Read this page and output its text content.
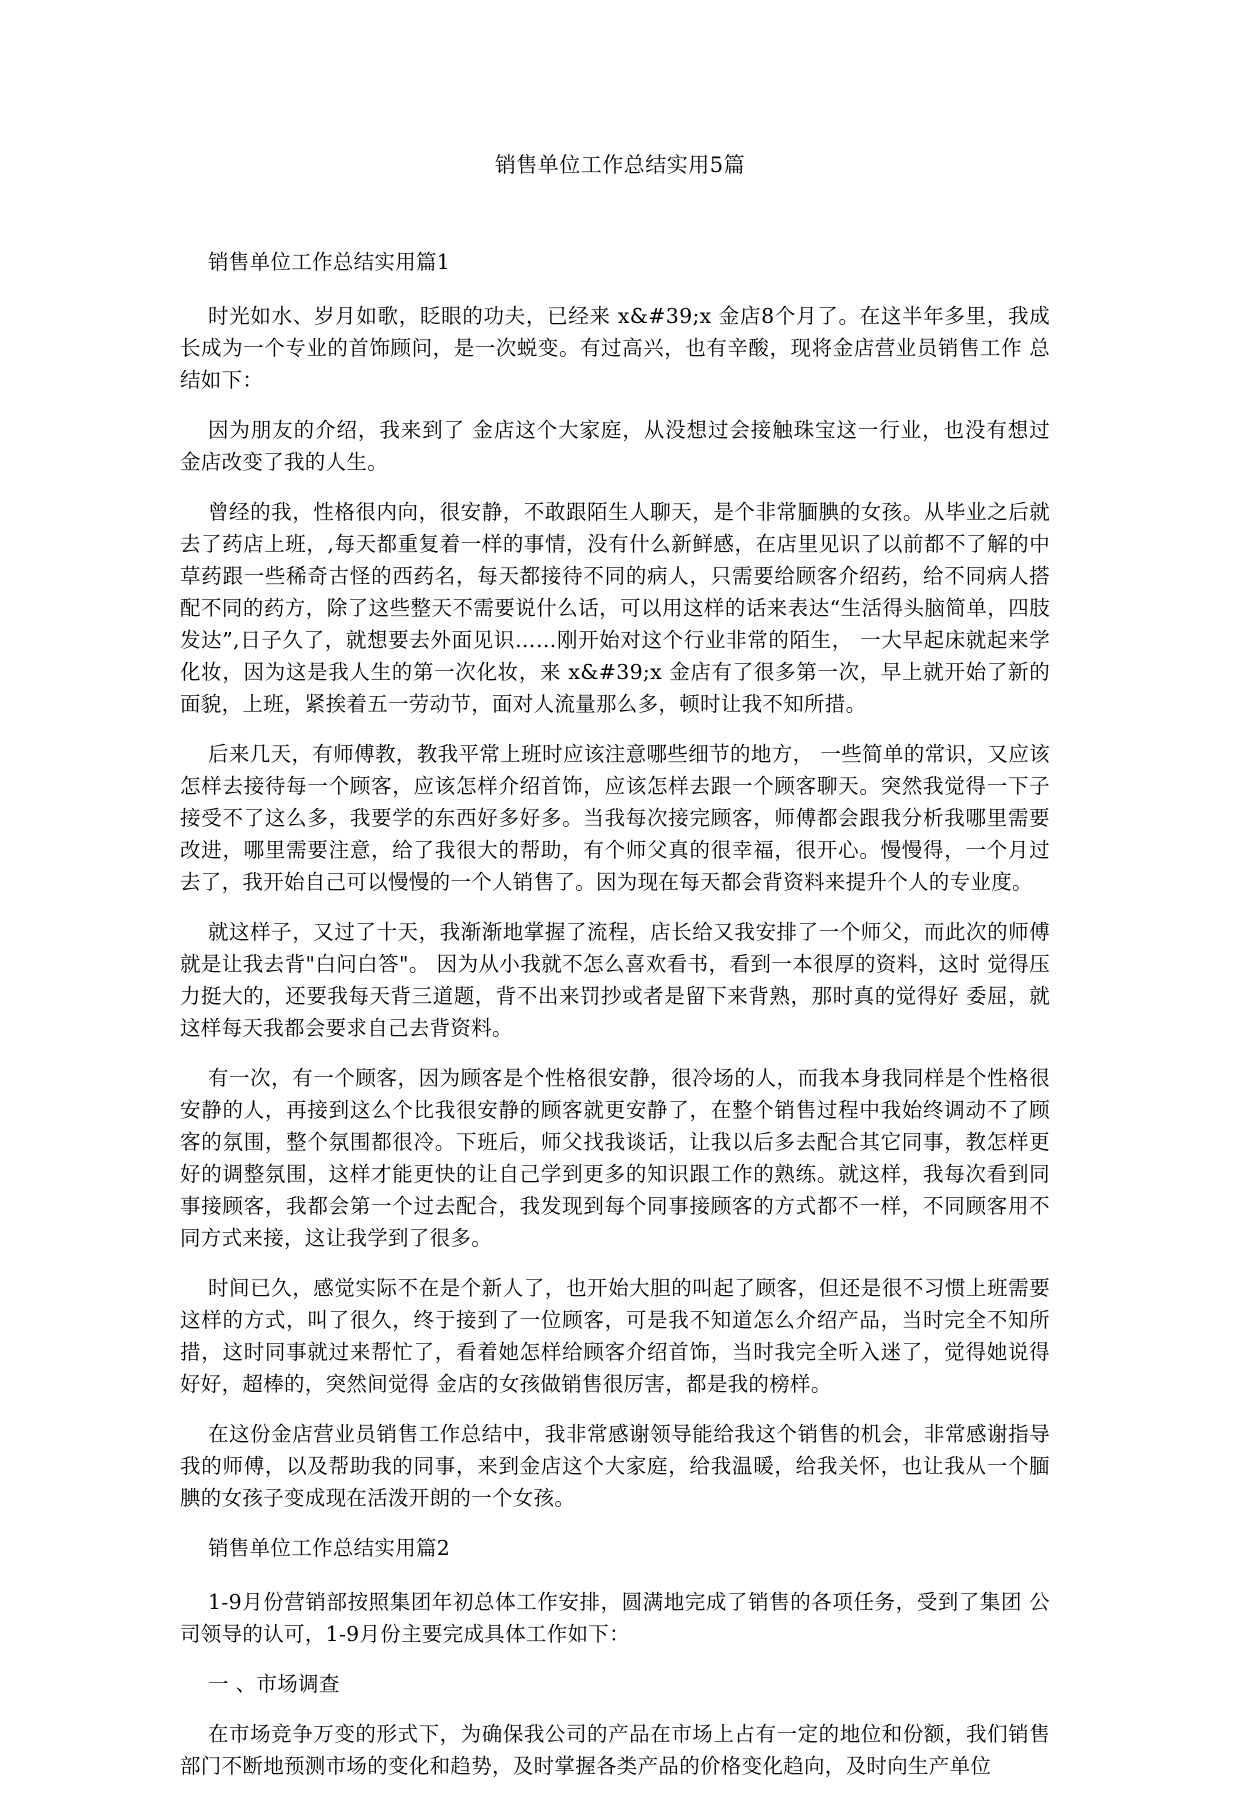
销售单位工作总结实用5篇
销售单位工作总结实用篇1

时光如水、岁月如歌，眨眼的功夫，已经来 x&#39;x 金店8个月了。在这半年多里，我成 长成为一个专业的首饰顾问，是一次蜕变。有过高兴，也有辛酸，现将金店营业员销售工作 总结如下：

因为朋友的介绍，我来到了 金店这个大家庭，从没想过会接触珠宝这一行业，也没有想过 金店改变了我的人生。

曾经的我，性格很内向，很安静，不敢跟陌生人聊天，是个非常腼腆的女孩。从毕业之后就去了药店上班，,每天都重复着一样的事情，没有什么新鲜感，在店里见识了以前都不了解的中草药跟一些稀奇古怪的西药名，每天都接待不同的病人，只需要给顾客介绍药，给不同病人搭配不同的药方，除了这些整天不需要说什么话，可以用这样的话来表达“生活得头脑简单，四肢发达”,日子久了，就想要去外面见识……刚开始对这个行业非常的陌生， 一大早起床就起来学化妆，因为这是我人生的第一次化妆，来 x&#39;x 金店有了很多第一次，早上就开始了新的面貌，上班，紧挨着五一劳动节，面对人流量那么多，顿时让我不知所措。

后来几天，有师傅教，教我平常上班时应该注意哪些细节的地方， 一些简单的常识，又应该怎样去接待每一个顾客，应该怎样介绍首饰，应该怎样去跟一个顾客聊天。突然我觉得一下子接受不了这么多，我要学的东西好多好多。当我每次接完顾客，师傅都会跟我分析我哪里需要改进，哪里需要注意，给了我很大的帮助，有个师父真的很幸福，很开心。慢慢得，一个月过去了，我开始自己可以慢慢的一个人销售了。因为现在每天都会背资料来提升个人的专业度。

就这样子，又过了十天，我渐渐地掌握了流程，店长给又我安排了一个师父，而此次的师傅就是让我去背"白问白答"。 因为从小我就不怎么喜欢看书，看到一本很厚的资料，这时 觉得压力挺大的，还要我每天背三道题，背不出来罚抄或者是留下来背熟，那时真的觉得好 委屈，就这样每天我都会要求自己去背资料。

有一次，有一个顾客，因为顾客是个性格很安静，很冷场的人，而我本身我同样是个性格很安静的人，再接到这么个比我很安静的顾客就更安静了，在整个销售过程中我始终调动不了顾客的氛围，整个氛围都很冷。下班后，师父找我谈话，让我以后多去配合其它同事，教怎样更好的调整氛围，这样才能更快的让自己学到更多的知识跟工作的熟练。就这样，我每次看到同事接顾客，我都会第一个过去配合，我发现到每个同事接顾客的方式都不一样，不同顾客用不同方式来接，这让我学到了很多。

时间已久，感觉实际不在是个新人了，也开始大胆的叫起了顾客，但还是很不习惯上班需要这样的方式，叫了很久，终于接到了一位顾客，可是我不知道怎么介绍产品，当时完全不知所措，这时同事就过来帮忙了，看着她怎样给顾客介绍首饰，当时我完全听入迷了，觉得她说得好好，超棒的，突然间觉得 金店的女孩做销售很厉害，都是我的榜样。

在这份金店营业员销售工作总结中，我非常感谢领导能给我这个销售的机会，非常感谢指导我的师傅，以及帮助我的同事，来到金店这个大家庭，给我温暖，给我关怀，也让我从一个腼腆的女孩子变成现在活泼开朗的一个女孩。

销售单位工作总结实用篇2

1-9月份营销部按照集团年初总体工作安排，圆满地完成了销售的各项任务，受到了集团 公司领导的认可，1-9月份主要完成具体工作如下：

一 、市场调查

在市场竞争万变的形式下，为确保我公司的产品在市场上占有一定的地位和份额，我们销售部门不断地预测市场的变化和趋势，及时掌握各类产品的价格变化趋向，及时向生产单位
